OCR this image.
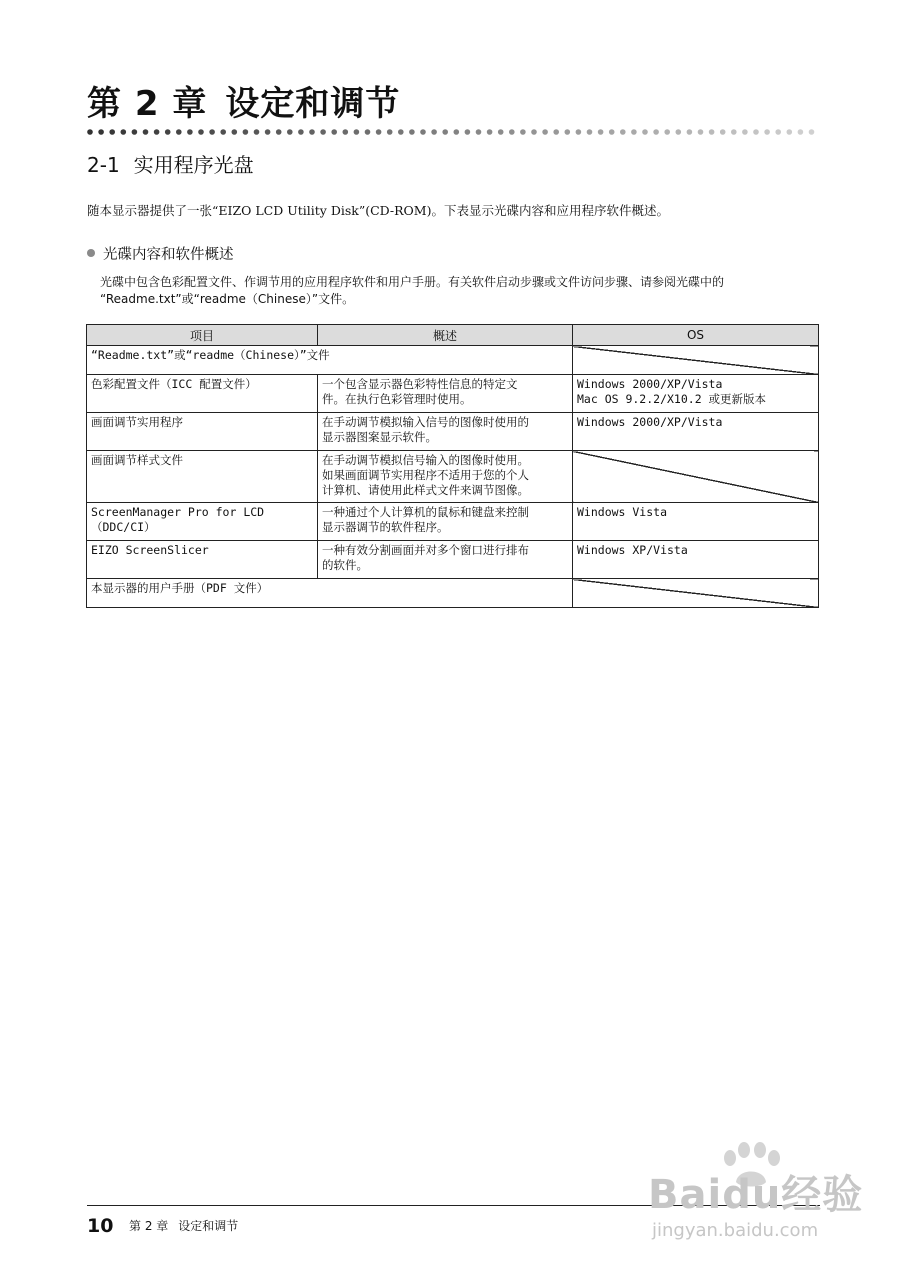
第 2 章 设定和调节
2-1 实用程序光盘

随本显示器提供了一张“EIZO LCD Utility Disk”(CD-ROM)。下表显示光碟内容和应用程序软件概述。

光碟内容和软件概述

光碟中包含色彩配置文件、作调节用的应用程序软件和用户手册。有关软件启动步骤或文件访问步骤、请参阅光碟中的
“Readme.txt”或“readme（Chinese）”文件。

项目	概述	OS

“Readme.txt”或“readme（Chinese）”文件		

色彩配置文件（ICC 配置文件）	一个包含显示器色彩特性信息的特定文
件。在执行色彩管理时使用。	Windows 2000/XP/Vista
Mac OS 9.2.2/X10.2 或更新版本

画面调节实用程序	在手动调节模拟输入信号的图像时使用的
显示器图案显示软件。	Windows 2000/XP/Vista

画面调节样式文件	在手动调节模拟信号输入的图像时使用。
如果画面调节实用程序不适用于您的个人
计算机、请使用此样式文件来调节图像。	

ScreenManager Pro for LCD
（DDC/CI）	一种通过个人计算机的鼠标和键盘来控制
显示器调节的软件程序。	Windows Vista

EIZO ScreenSlicer	一种有效分割画面并对多个窗口进行排布
的软件。	Windows XP/Vista

本显示器的用户手册（PDF 文件）		

10 第 2 章 设定和调节
Baidu经验
jingyan.baidu.com
